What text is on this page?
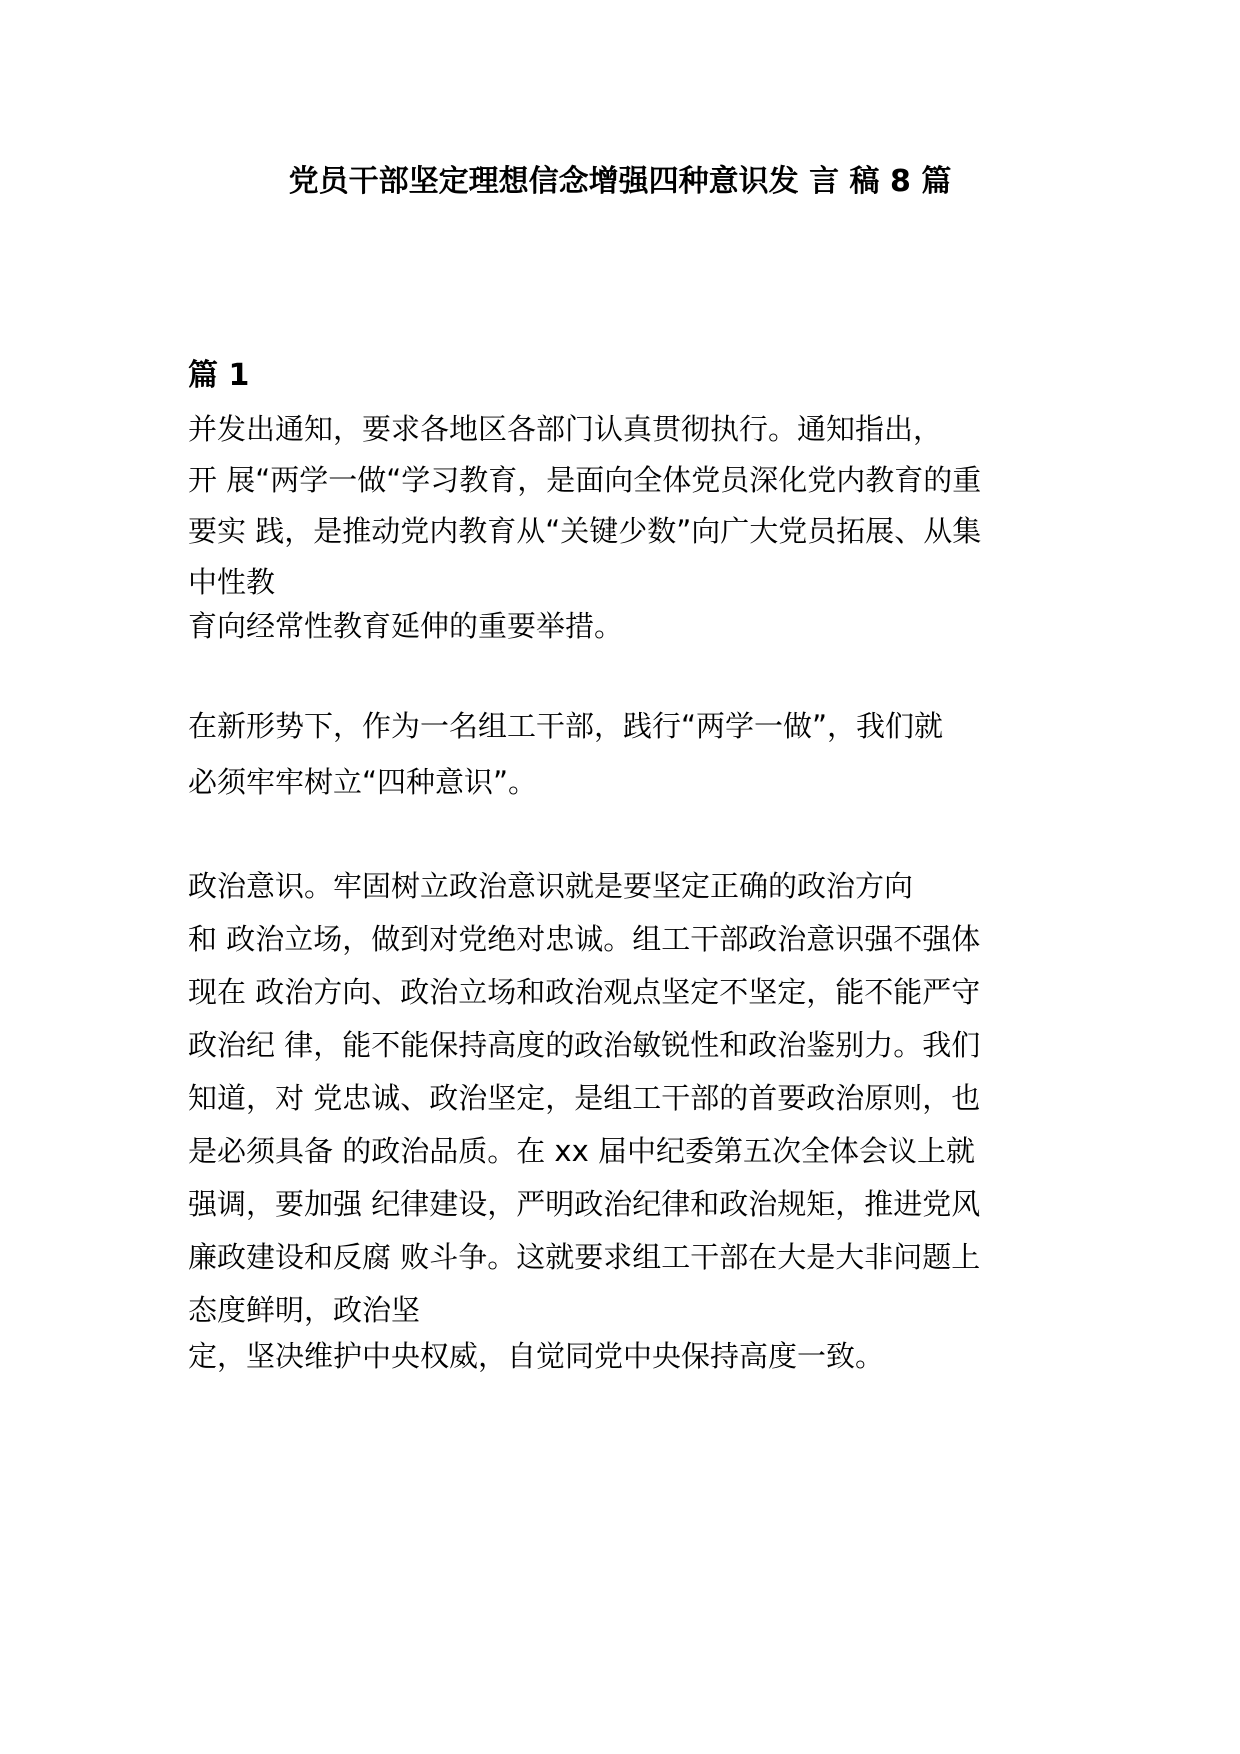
党员干部坚定理想信念增强四种意识发 言 稿 8 篇
篇 1

并发出通知，要求各地区各部门认真贯彻执行。通知指出，

开 展“两学一做“学习教育，是面向全体党员深化党内教育的重

要实 践，是推动党内教育从“关键少数”向广大党员拓展、从集

中性教

育向经常性教育延伸的重要举措。

在新形势下，作为一名组工干部，践行“两学一做”，我们就

必须牢牢树立“四种意识”。

政治意识。牢固树立政治意识就是要坚定正确的政治方向

和 政治立场，做到对党绝对忠诚。组工干部政治意识强不强体

现在 政治方向、政治立场和政治观点坚定不坚定，能不能严守

政治纪 律，能不能保持高度的政治敏锐性和政治鉴别力。我们

知道，对 党忠诚、政治坚定，是组工干部的首要政治原则，也

是必须具备 的政治品质。在 xx 届中纪委第五次全体会议上就

强调，要加强 纪律建设，严明政治纪律和政治规矩，推进党风

廉政建设和反腐 败斗争。这就要求组工干部在大是大非问题上

态度鲜明，政治坚

定，坚决维护中央权威，自觉同党中央保持高度一致。
